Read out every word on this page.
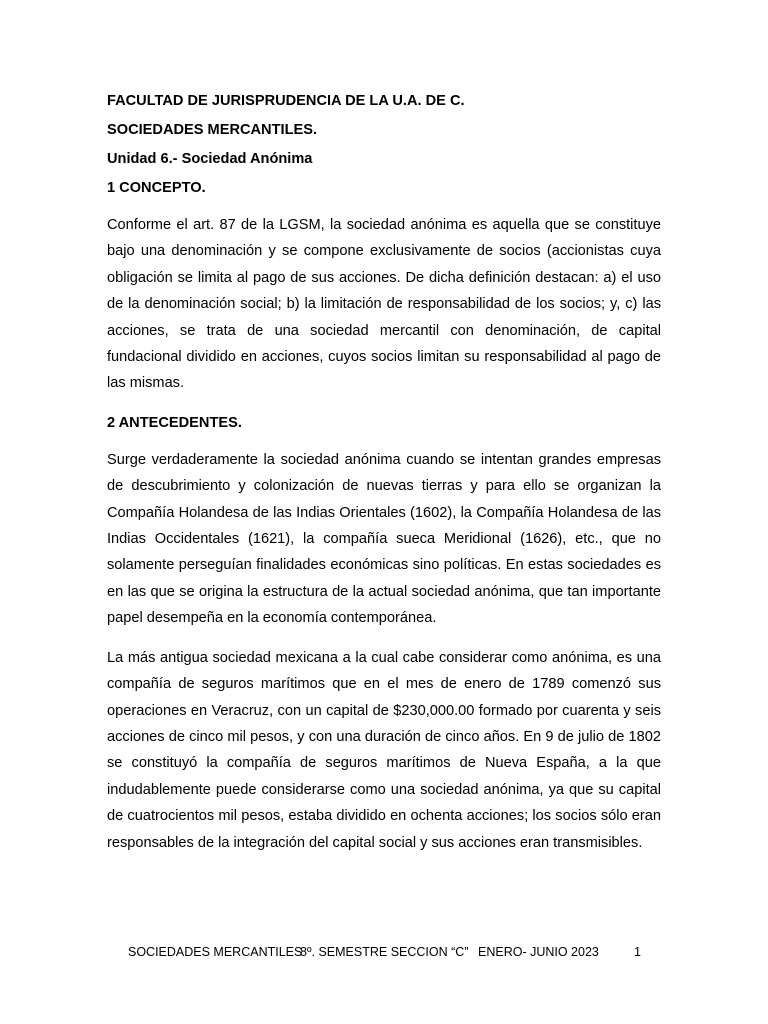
FACULTAD DE JURISPRUDENCIA DE LA U.A. DE C.
SOCIEDADES MERCANTILES.
Unidad 6.- Sociedad Anónima
1 CONCEPTO.

Conforme el art. 87 de la LGSM, la sociedad anónima es aquella que se constituye bajo una denominación y se compone exclusivamente de socios (accionistas cuya obligación se limita al pago de sus acciones. De dicha definición destacan: a) el uso de la denominación social; b) la limitación de responsabilidad de los socios; y, c) las acciones, se trata de una sociedad mercantil con denominación, de capital fundacional dividido en acciones, cuyos socios limitan su responsabilidad al pago de las mismas.

2 ANTECEDENTES.

Surge verdaderamente la sociedad anónima cuando se intentan grandes empresas de descubrimiento y colonización de nuevas tierras y para ello se organizan la Compañía Holandesa de las Indias Orientales (1602), la Compañía Holandesa de las Indias Occidentales (1621), la compañía sueca Meridional (1626), etc., que no solamente perseguían finalidades económicas sino políticas. En estas sociedades es en las que se origina la estructura de la actual sociedad anónima, que tan importante papel desempeña en la economía contemporánea.

La más antigua sociedad mexicana a la cual cabe considerar como anónima, es una compañía de seguros marítimos que en el mes de enero de 1789 comenzó sus operaciones en Veracruz, con un capital de $230,000.00 formado por cuarenta y seis acciones de cinco mil pesos, y con una duración de cinco años. En 9 de julio de 1802 se constituyó la compañía de seguros marítimos de Nueva España, a la que indudablemente puede considerarse como una sociedad anónima, ya que su capital de cuatrocientos mil pesos, estaba dividido en ochenta acciones; los socios sólo eran responsables de la integración del capital social y sus acciones eran transmisibles.

SOCIEDADES MERCANTILES
8º. SEMESTRE SECCION “C” ENERO- JUNIO 2023	1
